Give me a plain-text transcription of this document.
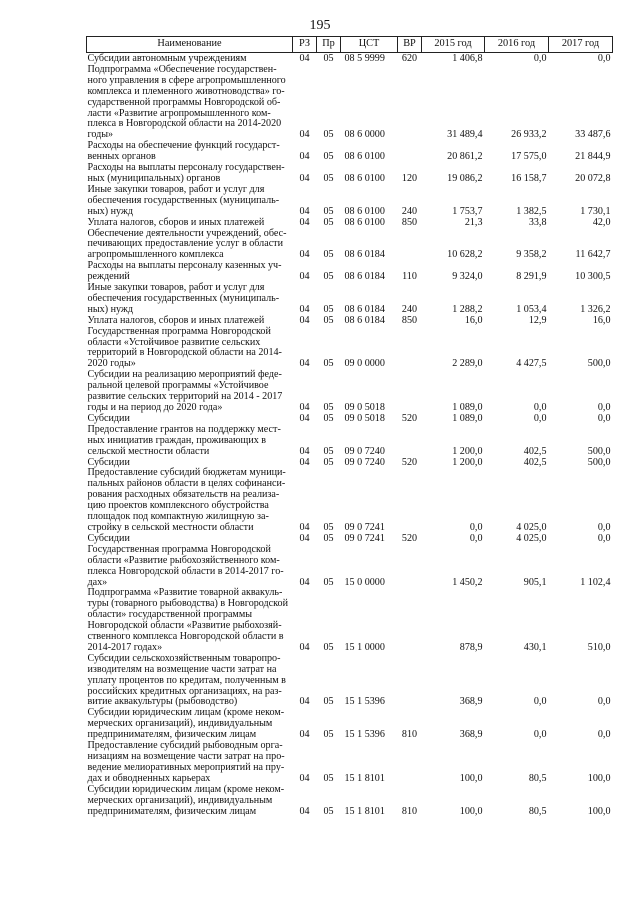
195
Наименование	РЗ	Пр	ЦСТ	ВР	2015 год	2016 год	2017 год
Субсидии автономным учреждениям	04	05	08 5 9999	620	1 406,8	0,0	0,0
Подпрограмма «Обеспечение государственного управления в сфере агропромышленного комплекса и племенного животноводства» государственной программы Новгородской области «Развитие агропромышленного комплекса в Новгородской области на 2014-2020 годы»	04	05	08 6 0000		31 489,4	26 933,2	33 487,6
Расходы на обеспечение функций государственных органов	04	05	08 6 0100		20 861,2	17 575,0	21 844,9
Расходы на выплаты персоналу государственных (муниципальных) органов	04	05	08 6 0100	120	19 086,2	16 158,7	20 072,8
Иные закупки товаров, работ и услуг для обеспечения государственных (муниципальных) нужд	04	05	08 6 0100	240	1 753,7	1 382,5	1 730,1
Уплата налогов, сборов и иных платежей	04	05	08 6 0100	850	21,3	33,8	42,0
Обеспечение деятельности учреждений, обеспечивающих предоставление услуг в области агропромышленного комплекса	04	05	08 6 0184		10 628,2	9 358,2	11 642,7
Расходы на выплаты персоналу казенных учреждений	04	05	08 6 0184	110	9 324,0	8 291,9	10 300,5
Иные закупки товаров, работ и услуг для обеспечения государственных (муниципальных) нужд	04	05	08 6 0184	240	1 288,2	1 053,4	1 326,2
Уплата налогов, сборов и иных платежей	04	05	08 6 0184	850	16,0	12,9	16,0
Государственная программа Новгородской области «Устойчивое развитие сельских территорий в Новгородской области на 2014-2020 годы»	04	05	09 0 0000		2 289,0	4 427,5	500,0
Субсидии на реализацию мероприятий федеральной целевой программы «Устойчивое развитие сельских территорий на 2014 - 2017 годы и на период до 2020 года»	04	05	09 0 5018		1 089,0	0,0	0,0
Субсидии	04	05	09 0 5018	520	1 089,0	0,0	0,0
Предоставление грантов на поддержку местных инициатив граждан, проживающих в сельской местности области	04	05	09 0 7240		1 200,0	402,5	500,0
Субсидии	04	05	09 0 7240	520	1 200,0	402,5	500,0
Предоставление субсидий бюджетам муниципальных районов области в целях софинансирования расходных обязательств на реализацию проектов комплексного обустройства площадок под компактную жилищную застройку в сельской местности области	04	05	09 0 7241		0,0	4 025,0	0,0
Субсидии	04	05	09 0 7241	520	0,0	4 025,0	0,0
Государственная программа Новгородской области «Развитие рыбохозяйственного комплекса Новгородской области в 2014-2017 годах»	04	05	15 0 0000		1 450,2	905,1	1 102,4
Подпрограмма «Развитие товарной аквакультуры (товарного рыбоводства) в Новгородской области» государственной программы Новгородской области «Развитие рыбохозяйственного комплекса Новгородской области в 2014-2017 годах»	04	05	15 1 0000		878,9	430,1	510,0
Субсидии сельскохозяйственным товаропроизводителям на возмещение части затрат на уплату процентов по кредитам, полученным в российских кредитных организациях, на развитие аквакультуры (рыбоводство)	04	05	15 1 5396		368,9	0,0	0,0
Субсидии юридическим лицам (кроме некоммерческих организаций), индивидуальным предпринимателям, физическим лицам	04	05	15 1 5396	810	368,9	0,0	0,0
Предоставление субсидий рыбоводным организациям на возмещение части затрат на проведение мелиоративных мероприятий на прудах и обводненных карьерах	04	05	15 1 8101		100,0	80,5	100,0
Субсидии юридическим лицам (кроме некоммерческих организаций), индивидуальным предпринимателям, физическим лицам	04	05	15 1 8101	810	100,0	80,5	100,0
